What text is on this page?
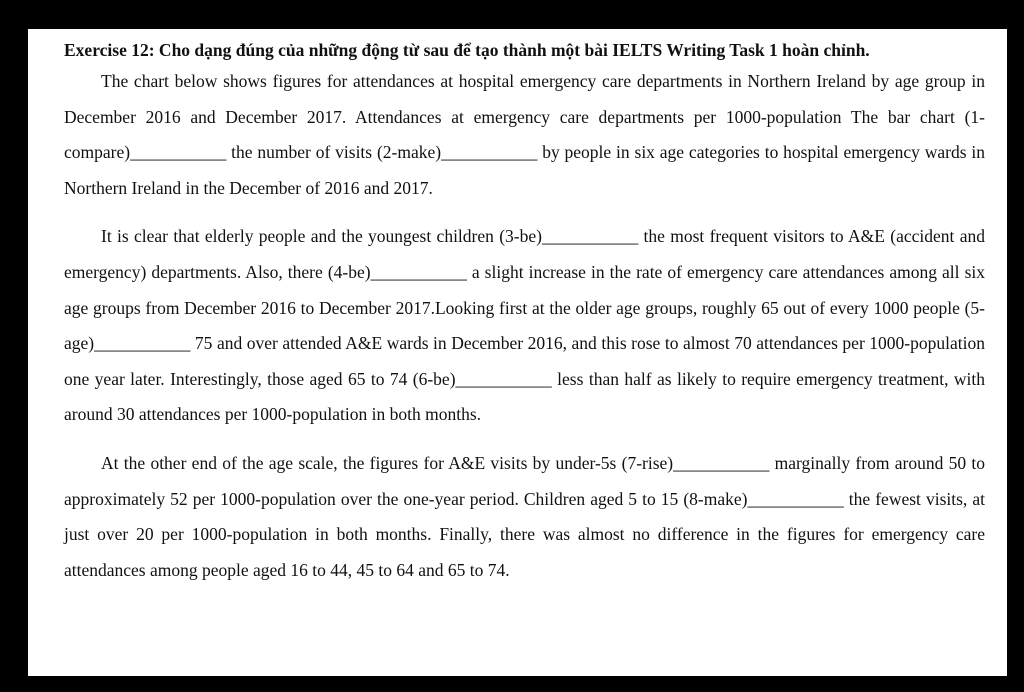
Exercise 12: Cho dạng đúng của những động từ sau để tạo thành một bài IELTS Writing Task 1 hoàn chỉnh.

The chart below shows figures for attendances at hospital emergency care departments in Northern Ireland by age group in December 2016 and December 2017. Attendances at emergency care departments per 1000-population The bar chart (1-compare)___________ the number of visits (2-make)___________ by people in six age categories to hospital emergency wards in Northern Ireland in the December of 2016 and 2017.

It is clear that elderly people and the youngest children (3-be)___________ the most frequent visitors to A&E (accident and emergency) departments. Also, there (4-be)___________ a slight increase in the rate of emergency care attendances among all six age groups from December 2016 to December 2017.Looking first at the older age groups, roughly 65 out of every 1000 people (5-age)___________ 75 and over attended A&E wards in December 2016, and this rose to almost 70 attendances per 1000-population one year later. Interestingly, those aged 65 to 74 (6-be)___________ less than half as likely to require emergency treatment, with around 30 attendances per 1000-population in both months.

At the other end of the age scale, the figures for A&E visits by under-5s (7-rise)___________ marginally from around 50 to approximately 52 per 1000-population over the one-year period. Children aged 5 to 15 (8-make)___________ the fewest visits, at just over 20 per 1000-population in both months. Finally, there was almost no difference in the figures for emergency care attendances among people aged 16 to 44, 45 to 64 and 65 to 74.
